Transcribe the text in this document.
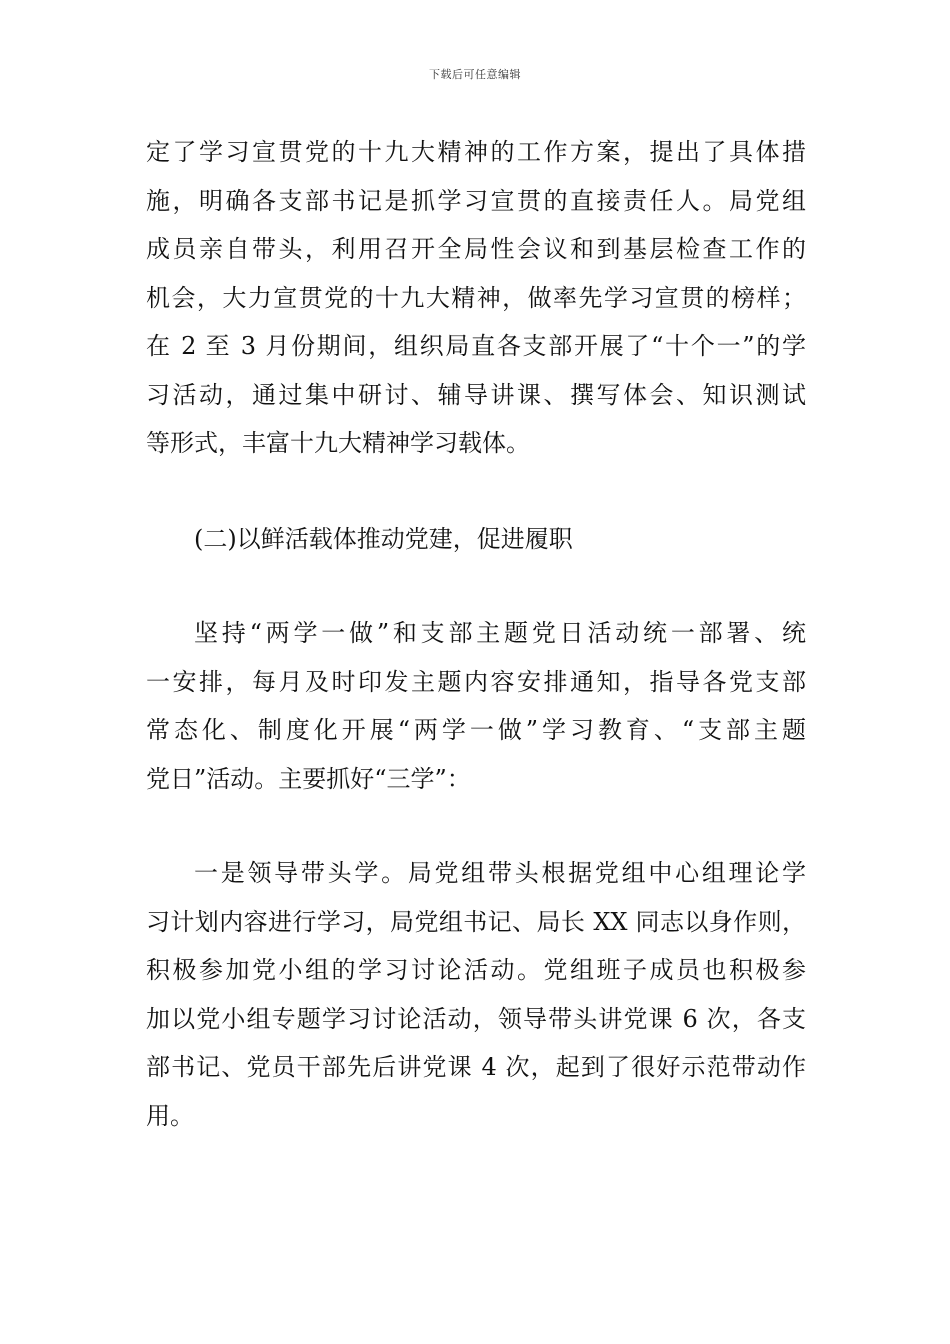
下载后可任意编辑
定了学习宣贯党的十九大精神的工作方案，提出了具体措
施，明确各支部书记是抓学习宣贯的直接责任人。局党组
成员亲自带头，利用召开全局性会议和到基层检查工作的
机会，大力宣贯党的十九大精神，做率先学习宣贯的榜样；
在 2 至 3 月份期间，组织局直各支部开展了“十个一”的学
习活动，通过集中研讨、辅导讲课、撰写体会、知识测试
等形式，丰富十九大精神学习载体。
(二)以鲜活载体推动党建，促进履职
坚持“两学一做”和支部主题党日活动统一部署、统
一安排，每月及时印发主题内容安排通知，指导各党支部
常态化、制度化开展“两学一做”学习教育、“支部主题
党日”活动。主要抓好“三学”：
一是领导带头学。局党组带头根据党组中心组理论学
习计划内容进行学习，局党组书记、局长 XX 同志以身作则，
积极参加党小组的学习讨论活动。党组班子成员也积极参
加以党小组专题学习讨论活动，领导带头讲党课 6 次，各支
部书记、党员干部先后讲党课 4 次，起到了很好示范带动作
用。
